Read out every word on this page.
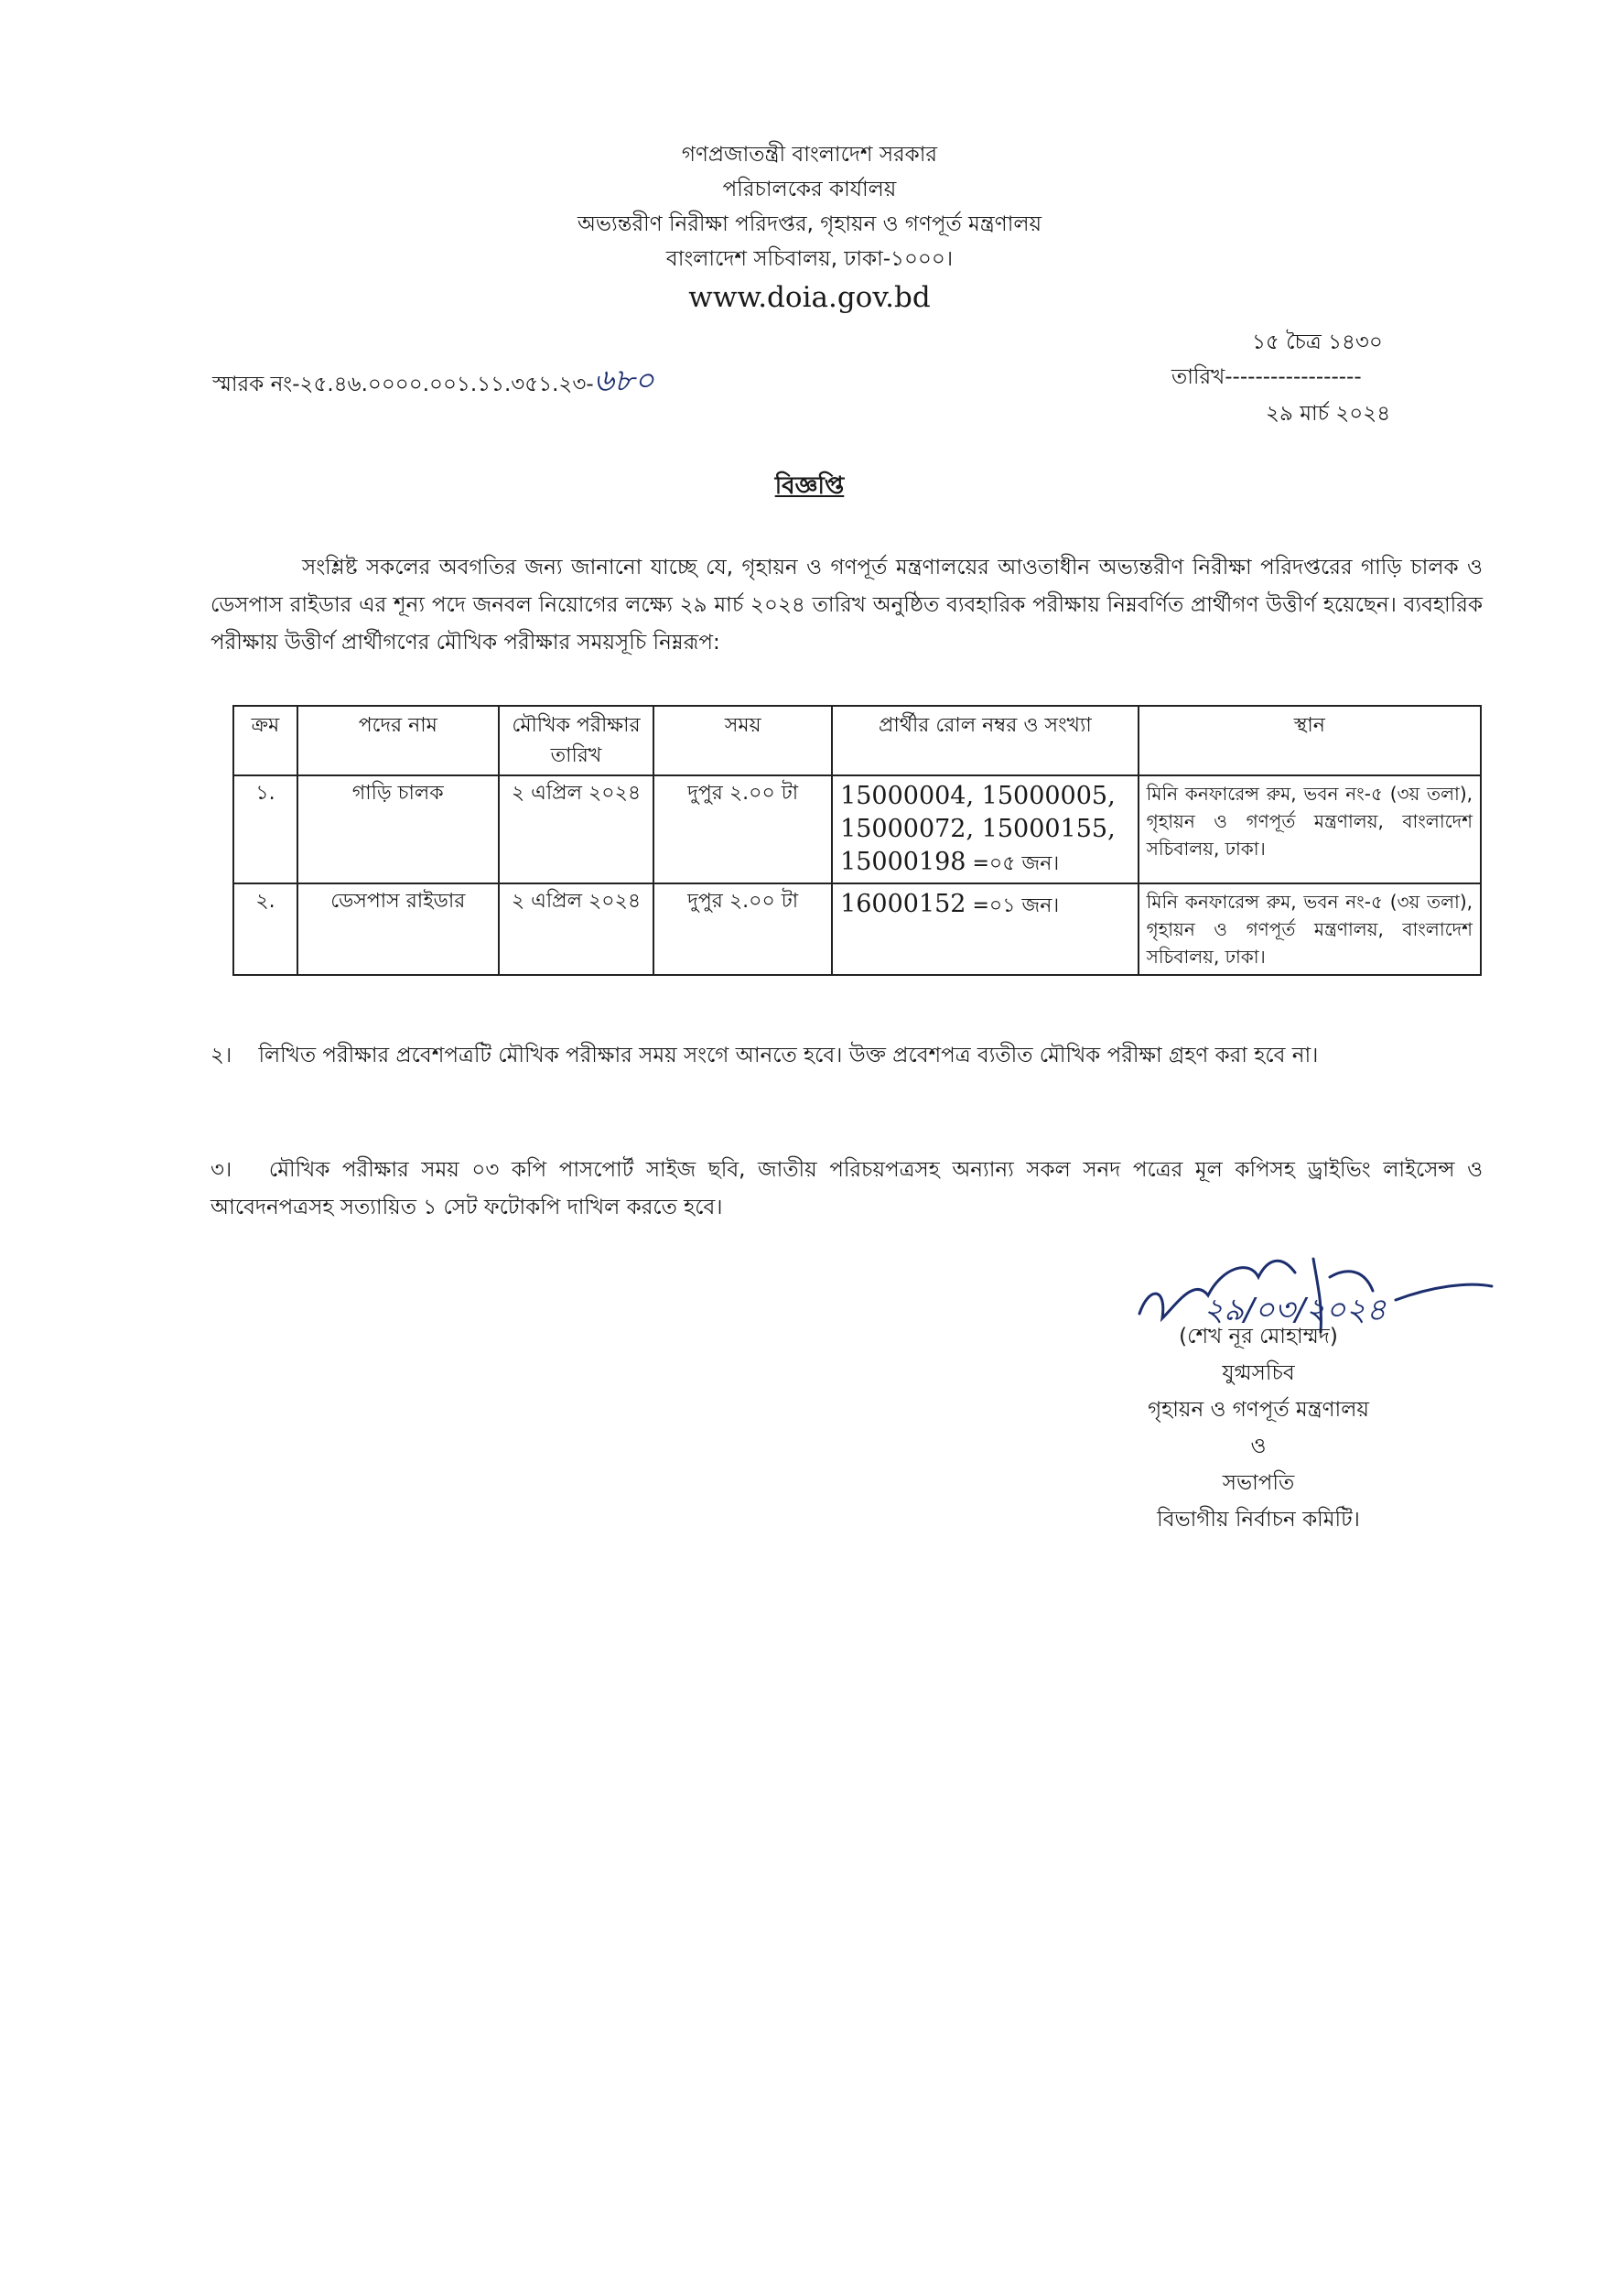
গণপ্রজাতন্ত্রী বাংলাদেশ সরকার
পরিচালকের কার্যালয়
অভ্যন্তরীণ নিরীক্ষা পরিদপ্তর, গৃহায়ন ও গণপূর্ত মন্ত্রণালয়
বাংলাদেশ সচিবালয়, ঢাকা-১০০০।
www.doia.gov.bd
স্মারক নং-২৫.৪৬.০০০০.০০১.১১.৩৫১.২৩-৬৮০
১৫ চৈত্র ১৪৩০
তারিখ------------------
২৯ মার্চ ২০২৪
বিজ্ঞপ্তি
সংশ্লিষ্ট সকলের অবগতির জন্য জানানো যাচ্ছে যে, গৃহায়ন ও গণপূর্ত মন্ত্রণালয়ের আওতাধীন অভ্যন্তরীণ নিরীক্ষা পরিদপ্তরের গাড়ি চালক ও ডেসপাস রাইডার এর শূন্য পদে জনবল নিয়োগের লক্ষ্যে ২৯ মার্চ ২০২৪ তারিখ অনুষ্ঠিত ব্যবহারিক পরীক্ষায় নিম্নবর্ণিত প্রার্থীগণ উত্তীর্ণ হয়েছেন। ব্যবহারিক পরীক্ষায় উত্তীর্ণ প্রার্থীগণের মৌখিক পরীক্ষার সময়সূচি নিম্নরূপ:
ক্রম	পদের নাম	মৌখিক পরীক্ষার তারিখ	সময়	প্রার্থীর রোল নম্বর ও সংখ্যা	স্থান
১.	গাড়ি চালক	২ এপ্রিল ২০২৪	দুপুর ২.০০ টা	15000004, 15000005, 15000072, 15000155, 15000198 =০৫ জন।	মিনি কনফারেন্স রুম, ভবন নং-৫ (৩য় তলা), গৃহায়ন ও গণপূর্ত মন্ত্রণালয়, বাংলাদেশ সচিবালয়, ঢাকা।
২.	ডেসপাস রাইডার	২ এপ্রিল ২০২৪	দুপুর ২.০০ টা	16000152 =০১ জন।	মিনি কনফারেন্স রুম, ভবন নং-৫ (৩য় তলা), গৃহায়ন ও গণপূর্ত মন্ত্রণালয়, বাংলাদেশ সচিবালয়, ঢাকা।
২। লিখিত পরীক্ষার প্রবেশপত্রটি মৌখিক পরীক্ষার সময় সংগে আনতে হবে। উক্ত প্রবেশপত্র ব্যতীত মৌখিক পরীক্ষা গ্রহণ করা হবে না।
৩। মৌখিক পরীক্ষার সময় ০৩ কপি পাসপোর্ট সাইজ ছবি, জাতীয় পরিচয়পত্রসহ অন্যান্য সকল সনদ পত্রের মূল কপিসহ ড্রাইভিং লাইসেন্স ও আবেদনপত্রসহ সত্যায়িত ১ সেট ফটোকপি দাখিল করতে হবে।
২৯/০৩/২০২৪
(শেখ নূর মোহাম্মদ)
যুগ্মসচিব
গৃহায়ন ও গণপূর্ত মন্ত্রণালয়
ও
সভাপতি
বিভাগীয় নির্বাচন কমিটি।
